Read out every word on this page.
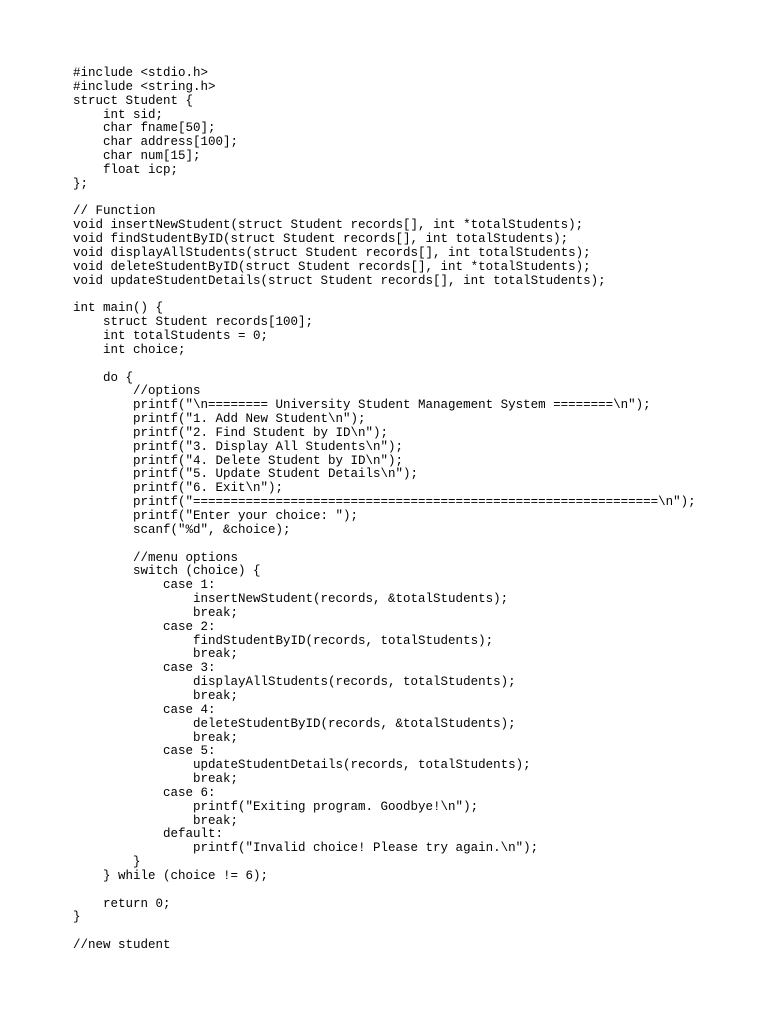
#include <stdio.h>
#include <string.h>
struct Student {
int sid;
char fname[50];
char address[100];
char num[15];
float icp;
};
// Function
void insertNewStudent(struct Student records[], int *totalStudents);
void findStudentByID(struct Student records[], int totalStudents);
void displayAllStudents(struct Student records[], int totalStudents);
void deleteStudentByID(struct Student records[], int *totalStudents);
void updateStudentDetails(struct Student records[], int totalStudents);
int main() {
struct Student records[100];
int totalStudents = 0;
int choice;
do {
//options
printf("\n======== University Student Management System ========\n");
printf("1. Add New Student\n");
printf("2. Find Student by ID\n");
printf("3. Display All Students\n");
printf("4. Delete Student by ID\n");
printf("5. Update Student Details\n");
printf("6. Exit\n");
printf("==============================================================\n");
printf("Enter your choice: ");
scanf("%d", &choice);
//menu options
switch (choice) {
case 1:
insertNewStudent(records, &totalStudents);
break;
case 2:
findStudentByID(records, totalStudents);
break;
case 3:
displayAllStudents(records, totalStudents);
break;
case 4:
deleteStudentByID(records, &totalStudents);
break;
case 5:
updateStudentDetails(records, totalStudents);
break;
case 6:
printf("Exiting program. Goodbye!\n");
break;
default:
printf("Invalid choice! Please try again.\n");
}
} while (choice != 6);
return 0;
}
//new student
